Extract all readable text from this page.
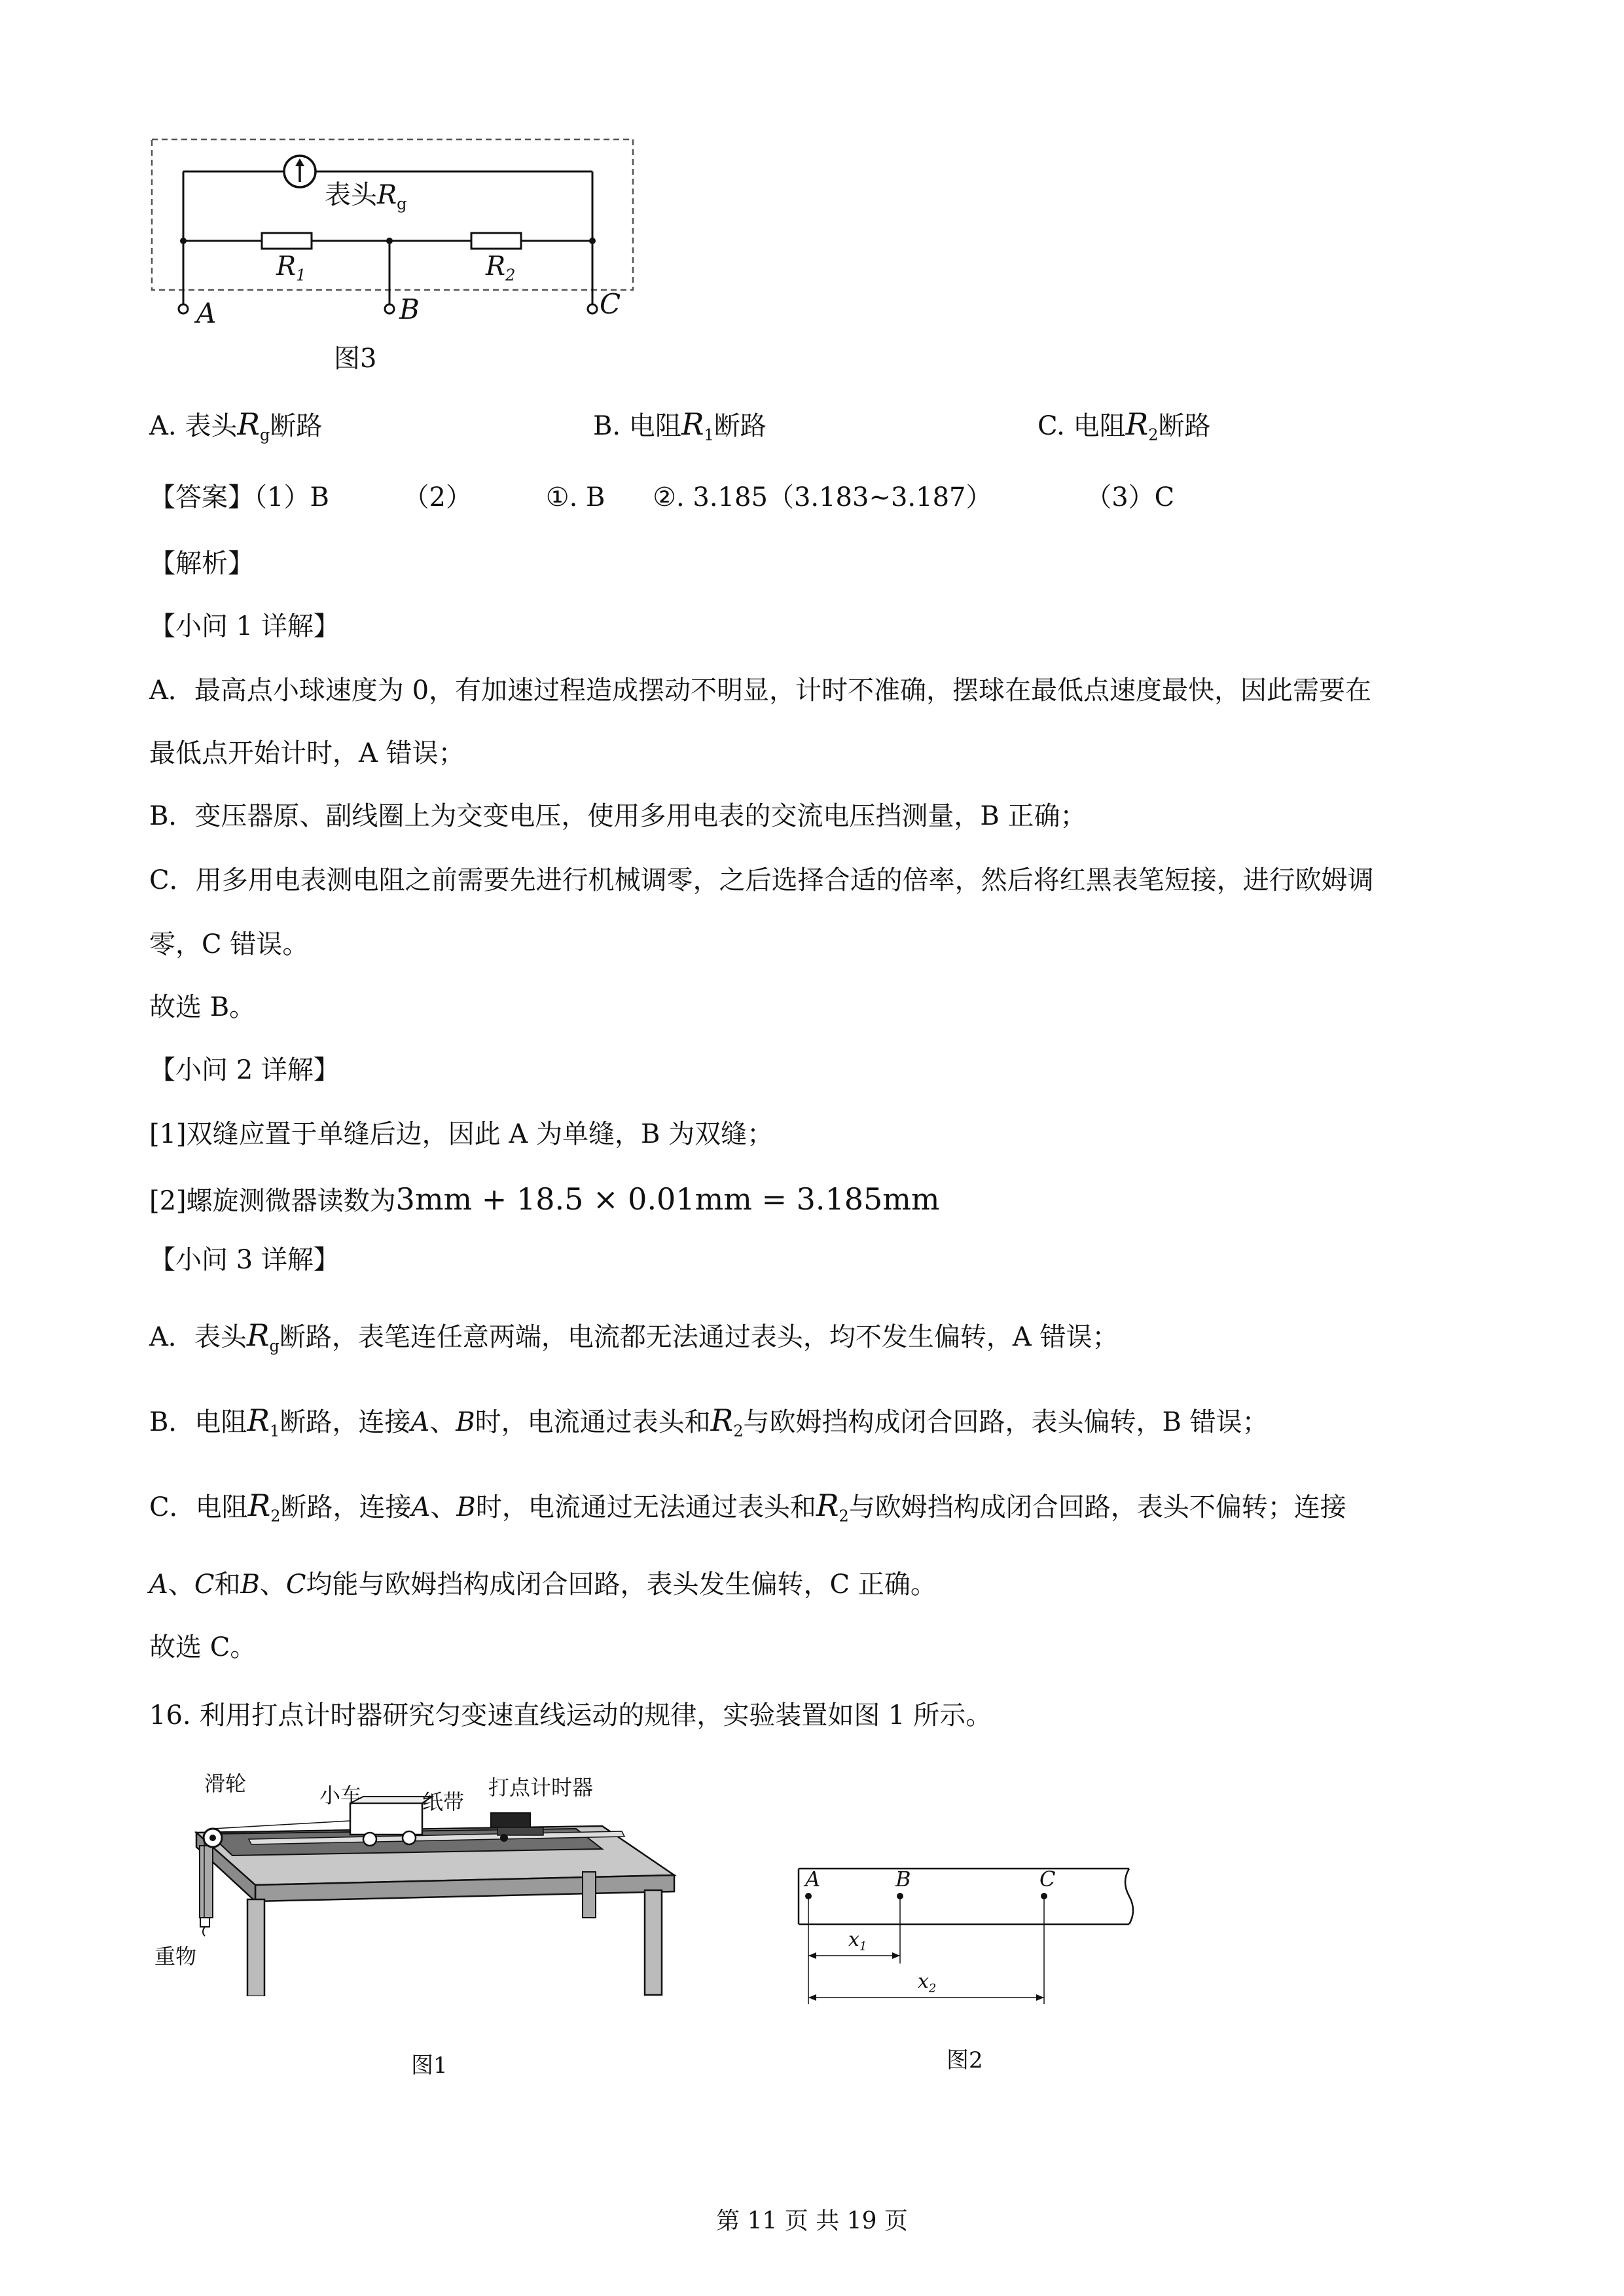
表头$R_g$
$R_1$	$R_2$
A	B	C
图3
A. 表头$R_g$断路	B. 电阻$R_1$断路	C. 电阻$R_2$断路
【答案】（1）B	（2）	①. B ②. 3.185（3.183~3.187）	（3）C
【解析】
【小问 1 详解】
A．最高点小球速度为 0，有加速过程造成摆动不明显，计时不准确，摆球在最低点速度最快，因此需要在
最低点开始计时，A 错误；
B．变压器原、副线圈上为交变电压，使用多用电表的交流电压挡测量，B 正确；
C．用多用电表测电阻之前需要先进行机械调零，之后选择合适的倍率，然后将红黑表笔短接，进行欧姆调
零，C 错误。
故选 B。
【小问 2 详解】
[1]双缝应置于单缝后边，因此 A 为单缝，B 为双缝；
[2]螺旋测微器读数为3mm + 18.5 × 0.01mm = 3.185mm
【小问 3 详解】
A．表头$R_g$断路，表笔连任意两端，电流都无法通过表头，均不发生偏转，A 错误；
B．电阻$R_1$断路，连接A、B时，电流通过表头和$R_2$与欧姆挡构成闭合回路，表头偏转，B 错误；
C．电阻$R_2$断路，连接A、B时，电流通过无法通过表头和$R_2$与欧姆挡构成闭合回路，表头不偏转；连接
A、C和B、C均能与欧姆挡构成闭合回路，表头发生偏转，C 正确。
故选 C。
16. 利用打点计时器研究匀变速直线运动的规律，实验装置如图 1 所示。
滑轮	小车	纸带
打点计时器
重物
图1
A	B	C
$x_1$
$x_2$
图2
第 11 页 共 19 页
